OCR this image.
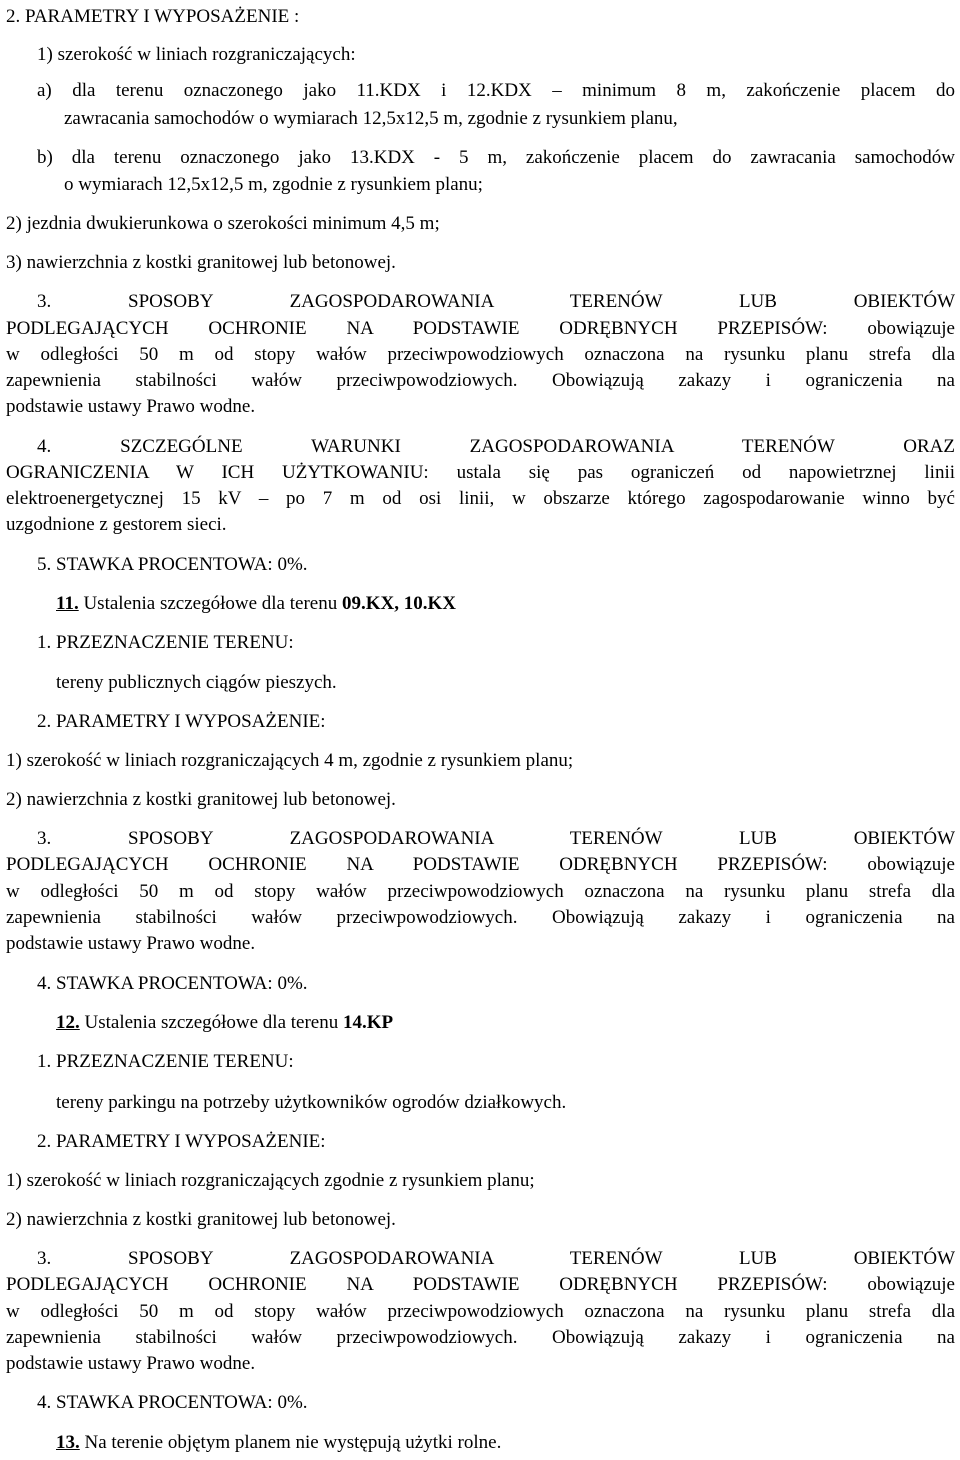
2. PARAMETRY I WYPOSAŻENIE :
1) szerokość w liniach rozgraniczających:
a) dla terenu oznaczonego jako 11.KDX i 12.KDX – minimum 8 m, zakończenie placem do
zawracania samochodów o wymiarach 12,5x12,5 m, zgodnie z rysunkiem planu,
b) dla terenu oznaczonego jako 13.KDX - 5 m, zakończenie placem do zawracania samochodów
o wymiarach 12,5x12,5 m, zgodnie z rysunkiem planu;
2) jezdnia dwukierunkowa o szerokości minimum 4,5 m;
3) nawierzchnia z kostki granitowej lub betonowej.
3. SPOSOBY ZAGOSPODAROWANIA TERENÓW LUB OBIEKTÓW
PODLEGAJĄCYCH OCHRONIE NA PODSTAWIE ODRĘBNYCH PRZEPISÓW: obowiązuje
w odległości 50 m od stopy wałów przeciwpowodziowych oznaczona na rysunku planu strefa dla
zapewnienia stabilności wałów przeciwpowodziowych. Obowiązują zakazy i ograniczenia na
podstawie ustawy Prawo wodne.
4. SZCZEGÓLNE WARUNKI ZAGOSPODAROWANIA TERENÓW ORAZ
OGRANICZENIA W ICH UŻYTKOWANIU: ustala się pas ograniczeń od napowietrznej linii
elektroenergetycznej 15 kV – po 7 m od osi linii, w obszarze którego zagospodarowanie winno być
uzgodnione z gestorem sieci.
5. STAWKA PROCENTOWA: 0%.
11. Ustalenia szczegółowe dla terenu 09.KX, 10.KX
1. PRZEZNACZENIE TERENU:
tereny publicznych ciągów pieszych.
2. PARAMETRY I WYPOSAŻENIE:
1) szerokość w liniach rozgraniczających 4 m, zgodnie z rysunkiem planu;
2) nawierzchnia z kostki granitowej lub betonowej.
3. SPOSOBY ZAGOSPODAROWANIA TERENÓW LUB OBIEKTÓW
PODLEGAJĄCYCH OCHRONIE NA PODSTAWIE ODRĘBNYCH PRZEPISÓW: obowiązuje
w odległości 50 m od stopy wałów przeciwpowodziowych oznaczona na rysunku planu strefa dla
zapewnienia stabilności wałów przeciwpowodziowych. Obowiązują zakazy i ograniczenia na
podstawie ustawy Prawo wodne.
4. STAWKA PROCENTOWA: 0%.
12. Ustalenia szczegółowe dla terenu 14.KP
1. PRZEZNACZENIE TERENU:
tereny parkingu na potrzeby użytkowników ogrodów działkowych.
2. PARAMETRY I WYPOSAŻENIE:
1) szerokość w liniach rozgraniczających zgodnie z rysunkiem planu;
2) nawierzchnia z kostki granitowej lub betonowej.
3. SPOSOBY ZAGOSPODAROWANIA TERENÓW LUB OBIEKTÓW
PODLEGAJĄCYCH OCHRONIE NA PODSTAWIE ODRĘBNYCH PRZEPISÓW: obowiązuje
w odległości 50 m od stopy wałów przeciwpowodziowych oznaczona na rysunku planu strefa dla
zapewnienia stabilności wałów przeciwpowodziowych. Obowiązują zakazy i ograniczenia na
podstawie ustawy Prawo wodne.
4. STAWKA PROCENTOWA: 0%.
13. Na terenie objętym planem nie występują użytki rolne.
